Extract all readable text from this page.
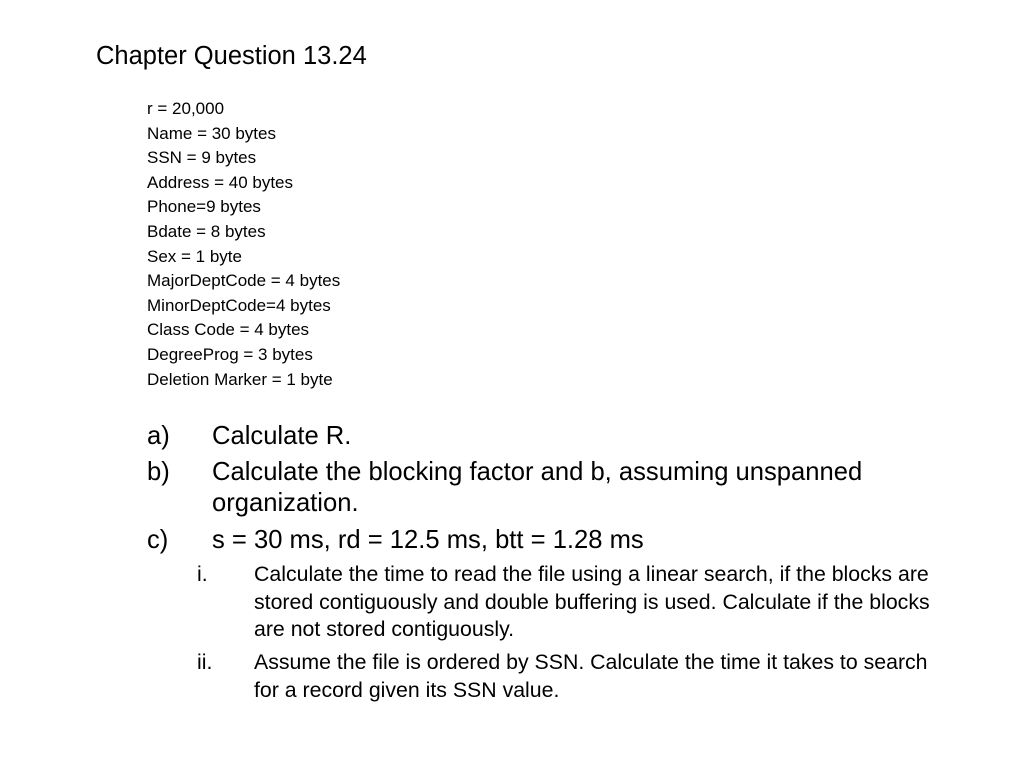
Chapter Question 13.24
r = 20,000
Name = 30 bytes
SSN = 9 bytes
Address = 40 bytes
Phone=9 bytes
Bdate = 8 bytes
Sex = 1 byte
MajorDeptCode = 4 bytes
MinorDeptCode=4 bytes
Class Code = 4 bytes
DegreeProg = 3 bytes
Deletion Marker = 1 byte
a) Calculate R.
b) Calculate the blocking factor and b, assuming unspanned organization.
c) s = 30 ms, rd = 12.5 ms, btt = 1.28 ms
i. Calculate the time to read the file using a linear search, if the blocks are stored contiguously and double buffering is used. Calculate if the blocks are not stored contiguously.
ii. Assume the file is ordered by SSN. Calculate the time it takes to search for a record given its SSN value.
